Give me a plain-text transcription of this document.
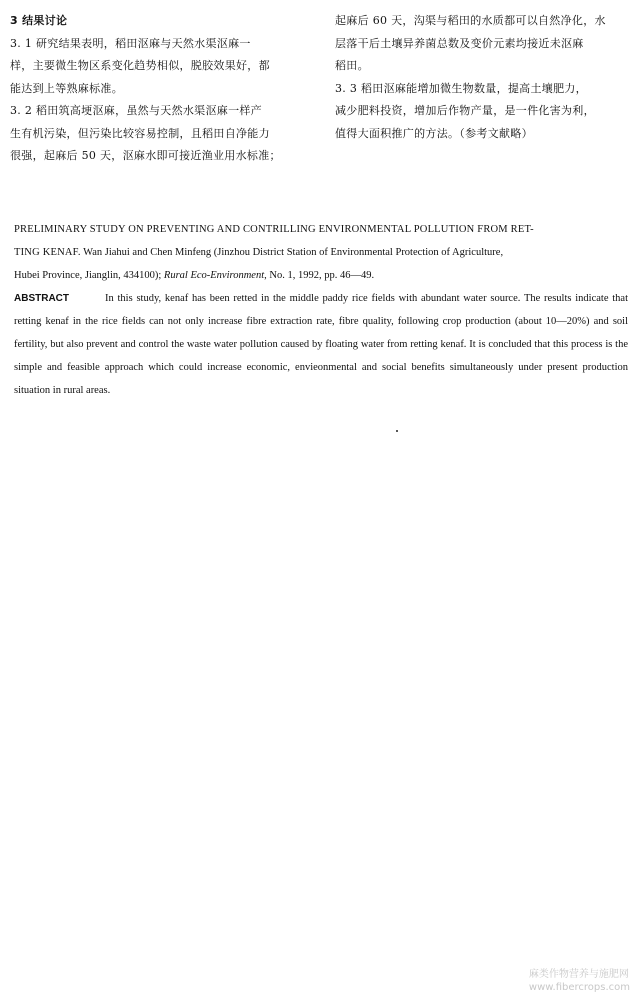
3 结果讨论

3. 1 研究结果表明，稻田沤麻与天然水渠沤麻一
样，主要微生物区系变化趋势相似，脱胶效果好，都
能达到上等熟麻标准。

3. 2 稻田筑高埂沤麻，虽然与天然水渠沤麻一样产
生有机污染，但污染比较容易控制，且稻田自净能力
很强，起麻后 50 天，沤麻水即可接近渔业用水标准；

起麻后 60 天，沟渠与稻田的水质都可以自然净化，水
层落干后土壤异养菌总数及变价元素均接近未沤麻
稻田。

3. 3 稻田沤麻能增加微生物数量，提高土壤肥力，
减少肥料投资，增加后作物产量，是一件化害为利，
值得大面积推广的方法。（参考文献略）

PRELIMINARY STUDY ON PREVENTING AND CONTRILLING ENVIRONMENTAL POLLUTION FROM RET-
TING KENAF. Wan Jiahui and Chen Minfeng (Jinzhou District Station of Environmental Protection of Agriculture,
Hubei Province, Jianglin, 434100); Rural Eco-Environment, No. 1, 1992, pp. 46—49.

ABSTRACT	In this study, kenaf has been retted in the middle paddy rice fields with abundant water source. The results indicate that retting kenaf in the rice fields can not only increase fibre extraction rate, fibre quality, following crop production (about 10—20%) and soil fertility, but also prevent and control the waste water pollution caused by floating water from retting kenaf. It is concluded that this process is the simple and feasible approach which could increase economic, envieonmental and social benefits simultaneously under present production situation in rural areas.

麻类作物营养与施肥网
www.fibercrops.com
